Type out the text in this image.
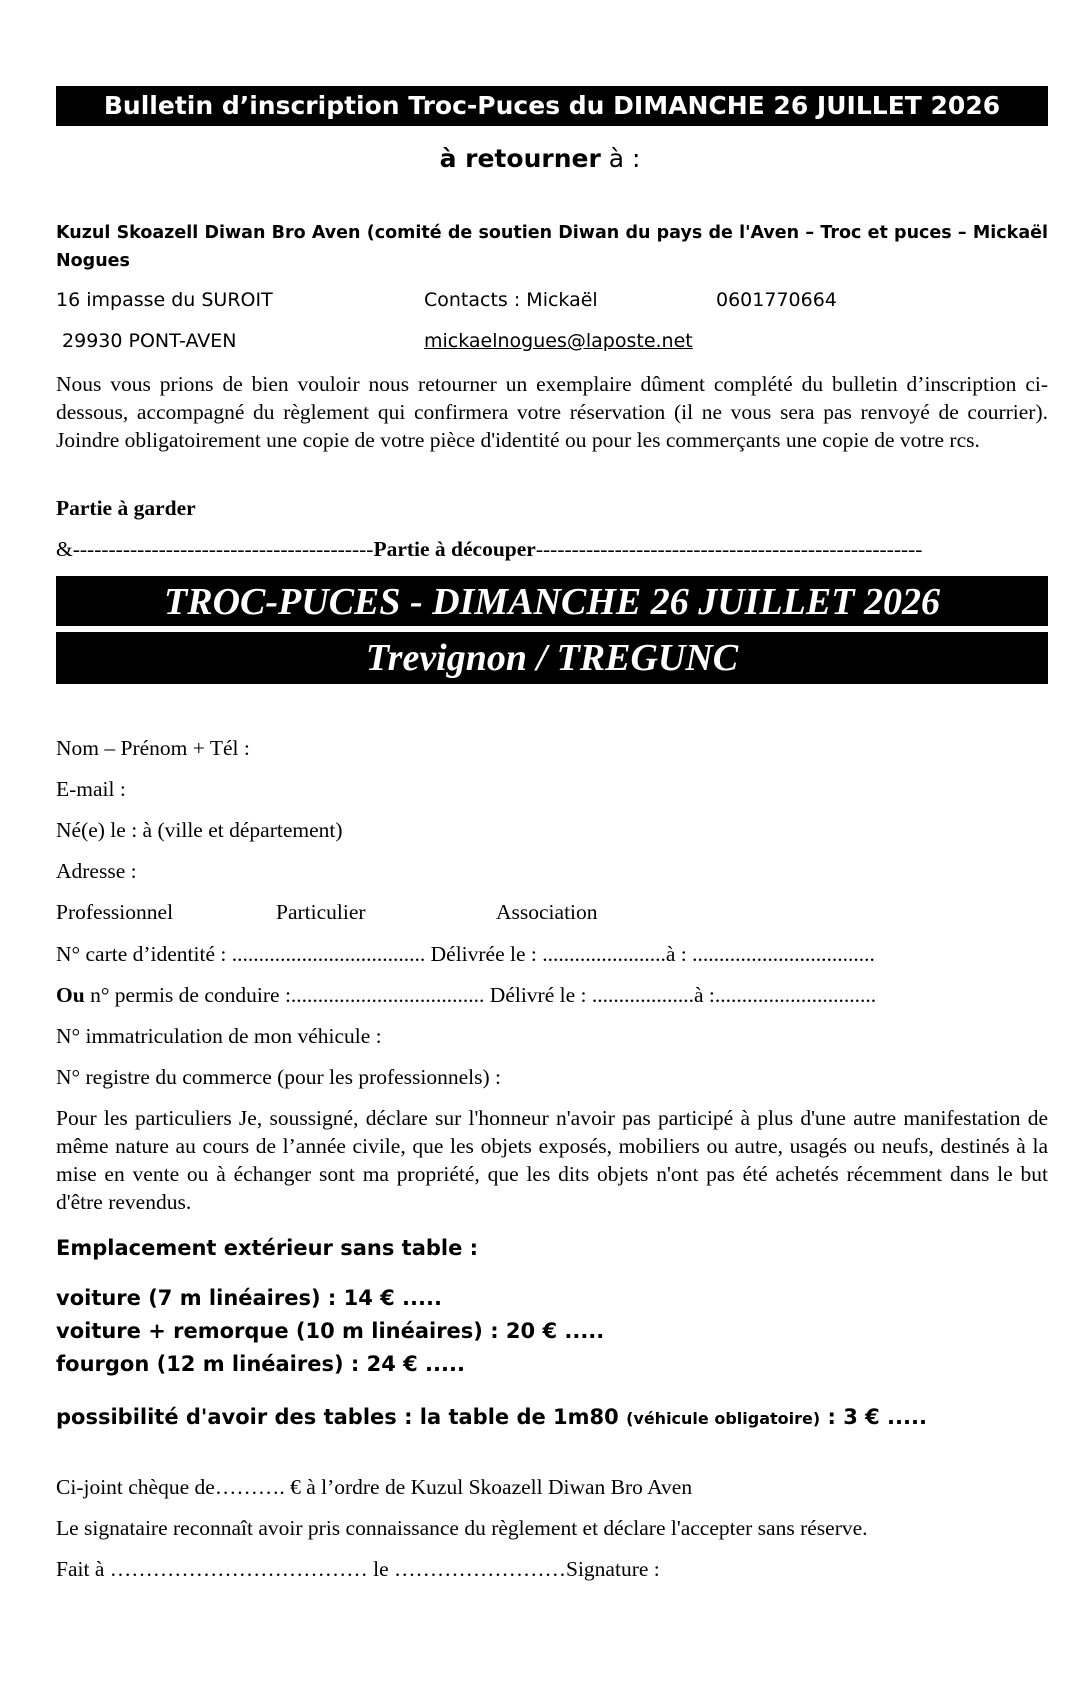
Bulletin d’inscription Troc-Puces du DIMANCHE 26 JUILLET 2026
à retourner à :
Kuzul Skoazell Diwan Bro Aven (comité de soutien Diwan du pays de l'Aven – Troc et puces – Mickaël Nogues
16 impasse du SUROIT	Contacts : Mickaël	0601770664
29930 PONT-AVEN	mickaelnogues@laposte.net
Nous vous prions de bien vouloir nous retourner un exemplaire dûment complété du bulletin d’inscription ci-dessous, accompagné du règlement qui confirmera votre réservation (il ne vous sera pas renvoyé de courrier). Joindre obligatoirement une copie de votre pièce d'identité ou pour les commerçants une copie de votre rcs.
Partie à garder
&------------------------------------------Partie à découper------------------------------------------------------
TROC-PUCES - DIMANCHE 26 JUILLET 2026
Trevignon / TREGUNC
Nom – Prénom + Tél :
E-mail :
Né(e) le : à (ville et département)
Adresse :
Professionnel	Particulier	Association
N° carte d’identité : .................................... Délivrée le : .......................à : ..................................
Ou n° permis de conduire :.................................... Délivré le : ...................à :..............................
N° immatriculation de mon véhicule :
N° registre du commerce (pour les professionnels) :
Pour les particuliers Je, soussigné, déclare sur l'honneur n'avoir pas participé à plus d'une autre manifestation de même nature au cours de l’année civile, que les objets exposés, mobiliers ou autre, usagés ou neufs, destinés à la mise en vente ou à échanger sont ma propriété, que les dits objets n'ont pas été achetés récemment dans le but d'être revendus.
Emplacement extérieur sans table :
voiture (7 m linéaires) : 14 € .....
voiture + remorque (10 m linéaires) : 20 € .....
fourgon (12 m linéaires) : 24 € .....
possibilité d'avoir des tables : la table de 1m80 (véhicule obligatoire) : 3 € .....
Ci-joint chèque de………. € à l’ordre de Kuzul Skoazell Diwan Bro Aven
Le signataire reconnaît avoir pris connaissance du règlement et déclare l'accepter sans réserve.
Fait à ……………………………… le ……………………Signature :
